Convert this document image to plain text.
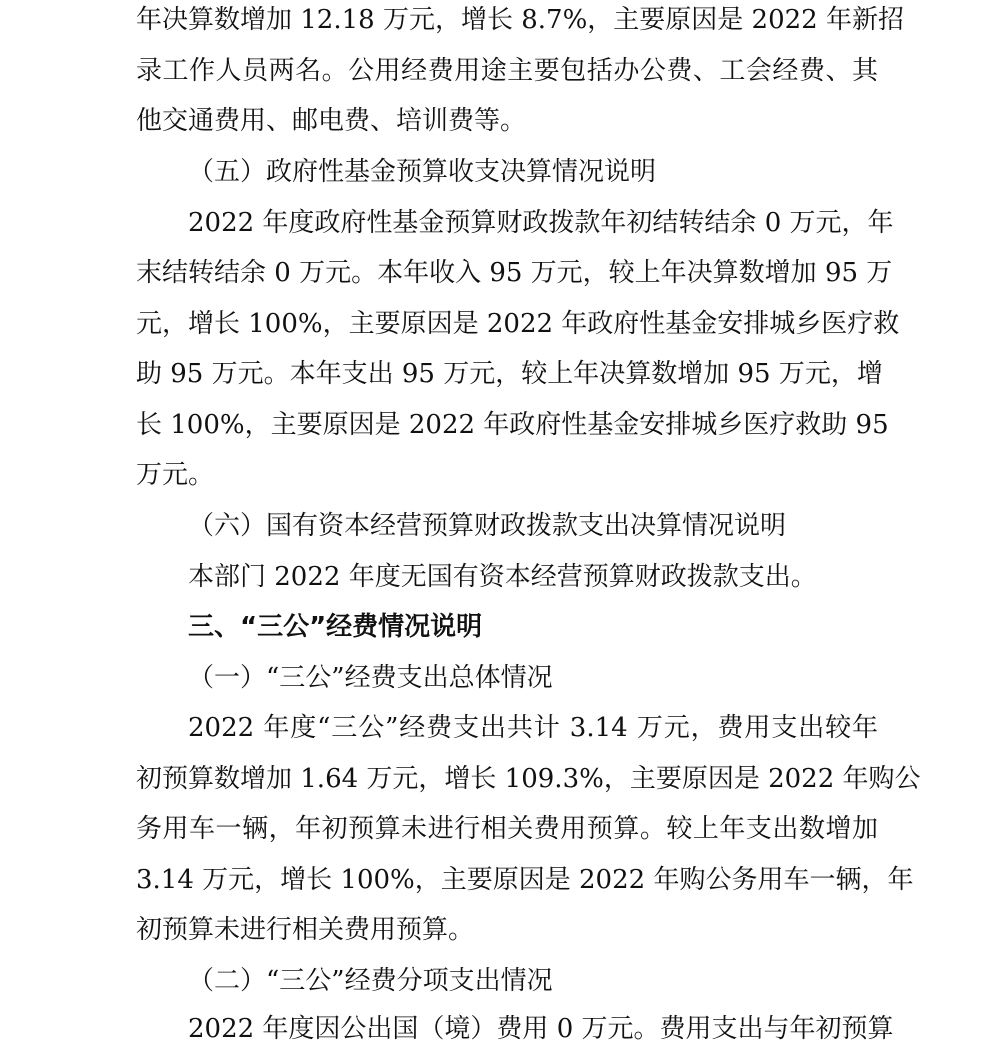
年决算数增加 12.18 万元，增长 8.7%，主要原因是 2022 年新招
录工作人员两名。公用经费用途主要包括办公费、工会经费、其
他交通费用、邮电费、培训费等。
（五）政府性基金预算收支决算情况说明
2022 年度政府性基金预算财政拨款年初结转结余 0 万元，年
末结转结余 0 万元。本年收入 95 万元，较上年决算数增加 95 万
元，增长 100%，主要原因是 2022 年政府性基金安排城乡医疗救
助 95 万元。本年支出 95 万元，较上年决算数增加 95 万元，增
长 100%，主要原因是 2022 年政府性基金安排城乡医疗救助 95
万元。
（六）国有资本经营预算财政拨款支出决算情况说明
本部门 2022 年度无国有资本经营预算财政拨款支出。
三、“三公”经费情况说明
（一）“三公”经费支出总体情况
2022 年度“三公”经费支出共计 3.14 万元，费用支出较年
初预算数增加 1.64 万元，增长 109.3%，主要原因是 2022 年购公
务用车一辆，年初预算未进行相关费用预算。较上年支出数增加
3.14 万元，增长 100%，主要原因是 2022 年购公务用车一辆，年
初预算未进行相关费用预算。
（二）“三公”经费分项支出情况
2022 年度因公出国（境）费用 0 万元。费用支出与年初预算
